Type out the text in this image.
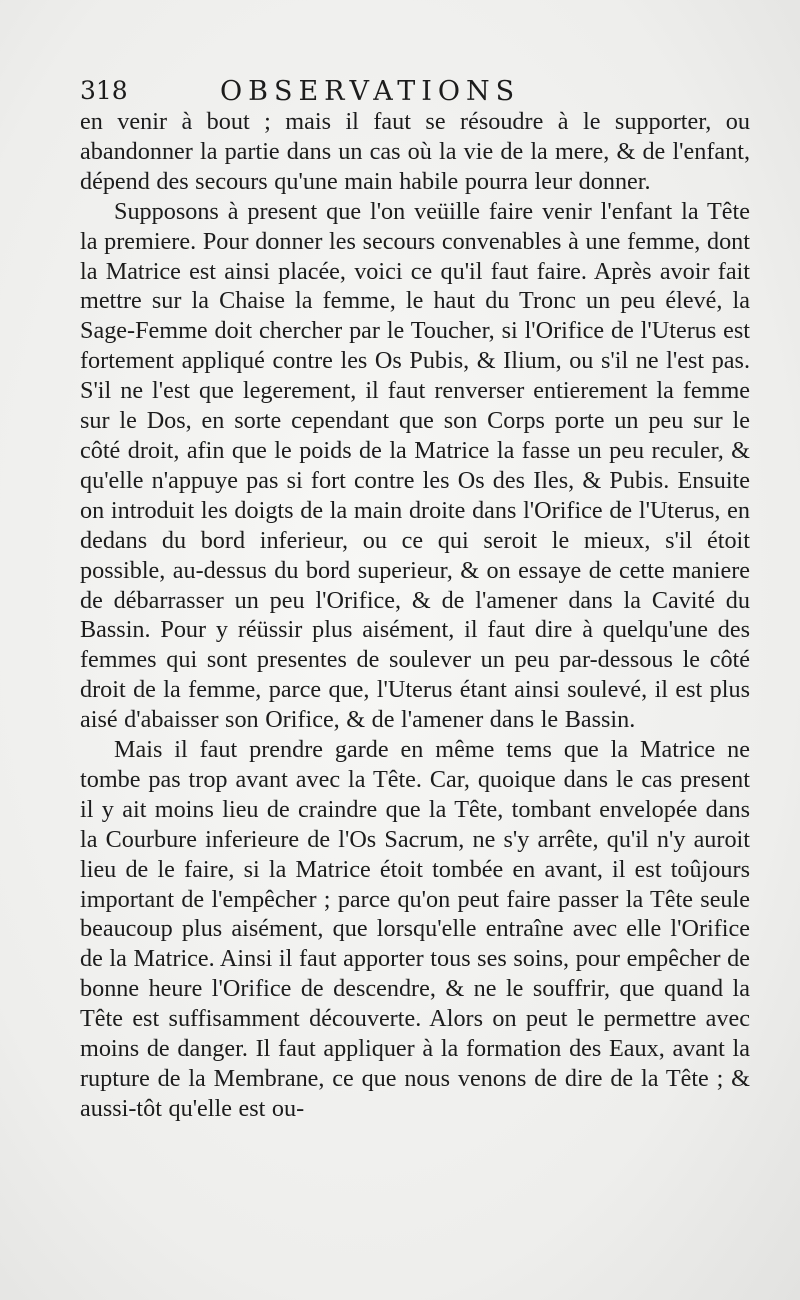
318	OBSERVATIONS

en venir à bout ; mais il faut se résoudre à le supporter, ou abandonner la partie dans un cas où la vie de la mere, & de l'enfant, dépend des secours qu'une main habile pourra leur donner.

Supposons à present que l'on veüille faire venir l'enfant la Tête la premiere. Pour donner les secours convenables à une femme, dont la Matrice est ainsi placée, voici ce qu'il faut faire. Après avoir fait mettre sur la Chaise la femme, le haut du Tronc un peu élevé, la Sage-Femme doit chercher par le Toucher, si l'Orifice de l'Uterus est fortement appliqué contre les Os Pubis, & Ilium, ou s'il ne l'est pas. S'il ne l'est que legerement, il faut renverser entierement la femme sur le Dos, en sorte cependant que son Corps porte un peu sur le côté droit, afin que le poids de la Matrice la fasse un peu reculer, & qu'elle n'appuye pas si fort contre les Os des Iles, & Pubis. Ensuite on introduit les doigts de la main droite dans l'Orifice de l'Uterus, en dedans du bord inferieur, ou ce qui seroit le mieux, s'il étoit possible, au-dessus du bord superieur, & on essaye de cette maniere de débarrasser un peu l'Orifice, & de l'amener dans la Cavité du Bassin. Pour y réüssir plus aisément, il faut dire à quelqu'une des femmes qui sont presentes de soulever un peu par-dessous le côté droit de la femme, parce que, l'Uterus étant ainsi soulevé, il est plus aisé d'abaisser son Orifice, & de l'amener dans le Bassin.

Mais il faut prendre garde en même tems que la Matrice ne tombe pas trop avant avec la Tête. Car, quoique dans le cas present il y ait moins lieu de craindre que la Tête, tombant envelopée dans la Courbure inferieure de l'Os Sacrum, ne s'y arrête, qu'il n'y auroit lieu de le faire, si la Matrice étoit tombée en avant, il est toûjours important de l'empêcher ; parce qu'on peut faire passer la Tête seule beaucoup plus aisément, que lorsqu'elle entraîne avec elle l'Orifice de la Matrice. Ainsi il faut apporter tous ses soins, pour empêcher de bonne heure l'Orifice de descendre, & ne le souffrir, que quand la Tête est suffisamment découverte. Alors on peut le permettre avec moins de danger. Il faut appliquer à la formation des Eaux, avant la rupture de la Membrane, ce que nous venons de dire de la Tête ; & aussi-tôt qu'elle est ou-
